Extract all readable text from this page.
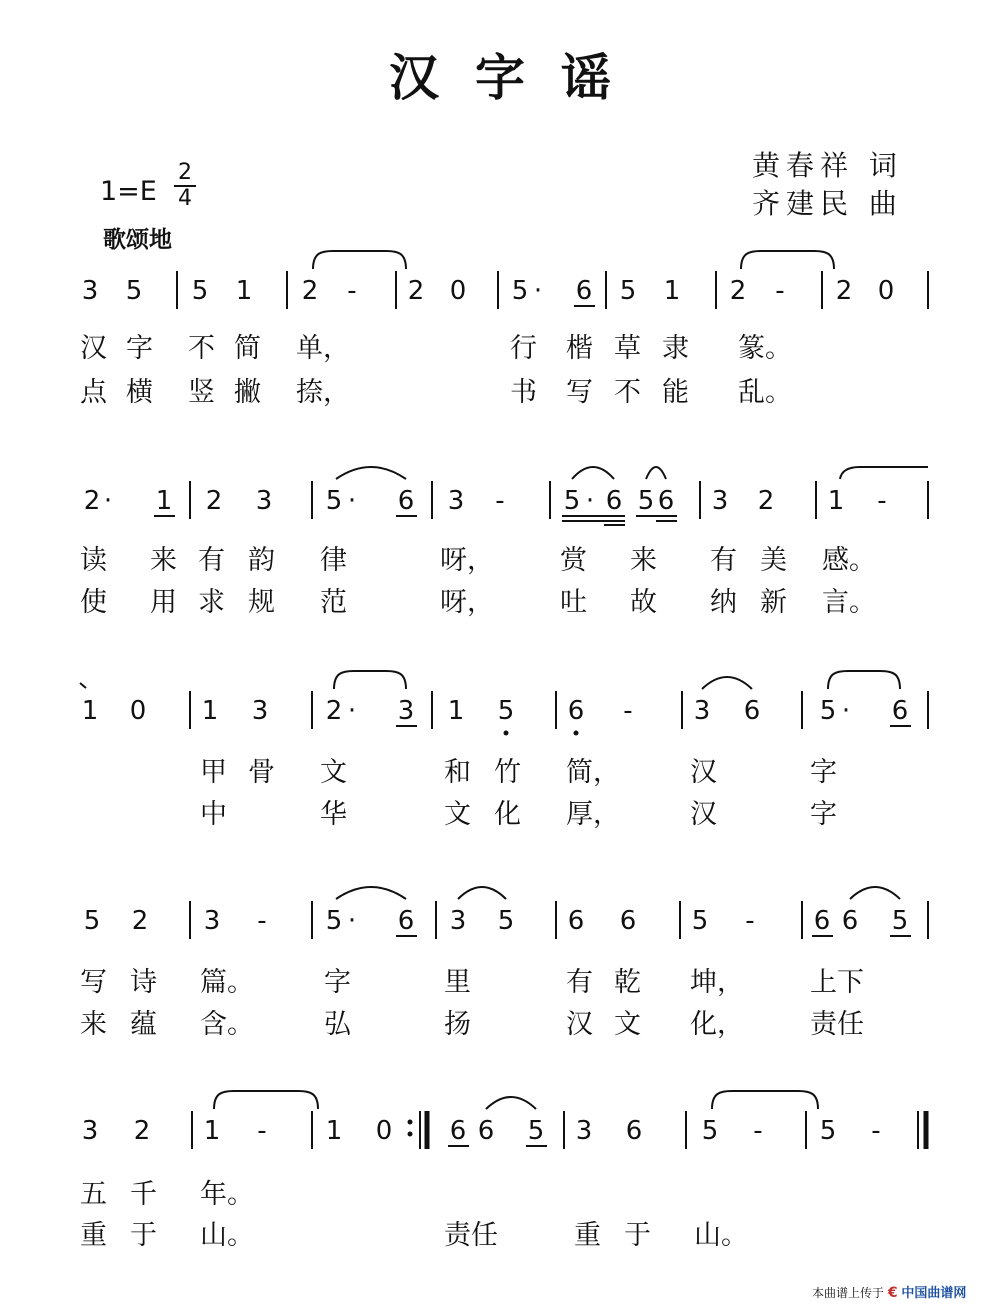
汉字谣
黄春祥 词
齐建民 曲
1=E
2
4
歌颂地
3 5 5 1 2 - 2 0 5 · 6 5 1 2 - 2 0
2 · 1 2 3 5 · 6 3 - 5 · 6 5 6 3 2 1 -
1 0 1 3 2 · 3 1 5 6 - 3 6 5 · 6
5 2 3 - 5 · 6 3 5 6 6 5 - 6 6 5
3 2 1 - 1 0 6 6 5 3 6 5 - 5 -
汉 字 不 简 单，	行 楷 草 隶 篆。
点 横 竖 撇 捺，	书 写 不 能 乱。
读 来 有 韵 律	呀， 赏 来 有 美 感。
使 用 求 规 范	呀， 吐 故 纳 新 言。
甲 骨 文	和 竹 简，	汉	字
中	华	文 化 厚，	汉	字
写 诗 篇。	字	里	有 乾 坤， 上下
来 蕴 含。	弘	扬	汉 文 化， 责任
五 千 年。
重 于 山。	责任	重 于 山。
本曲谱上传于 € 中国曲谱网
